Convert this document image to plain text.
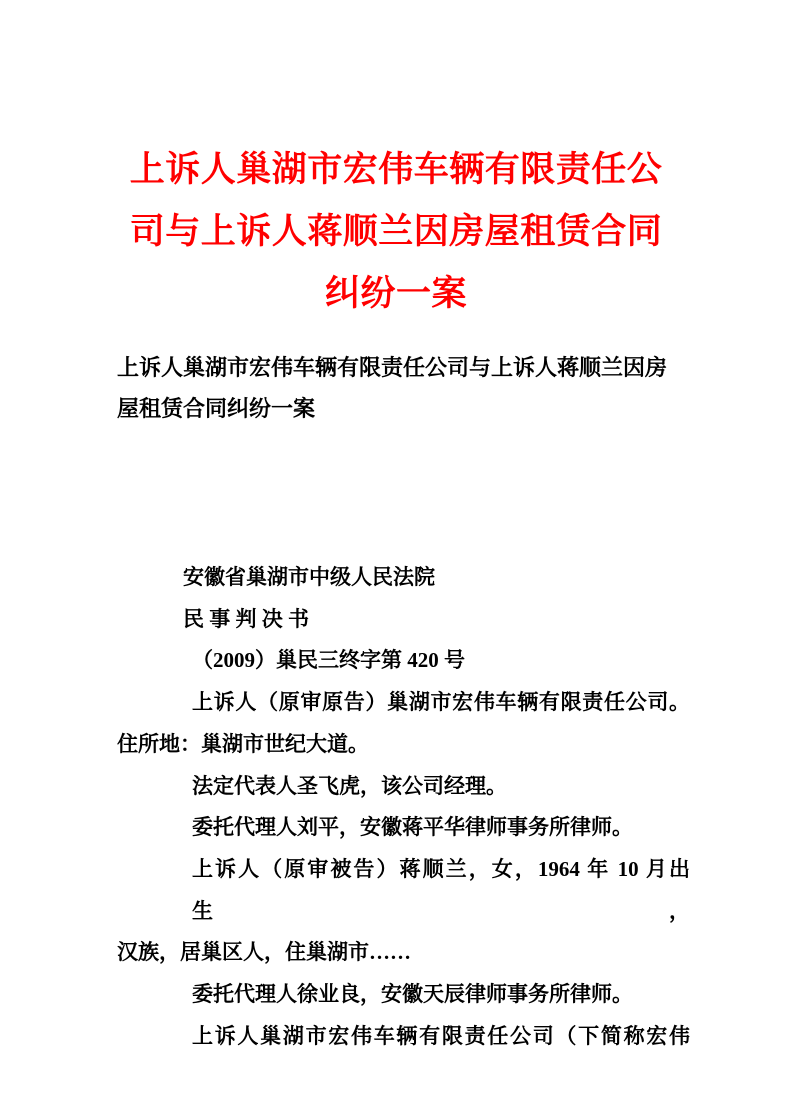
上诉人巢湖市宏伟车辆有限责任公
司与上诉人蒋顺兰因房屋租赁合同
纠纷一案
上诉人巢湖市宏伟车辆有限责任公司与上诉人蒋顺兰因房
屋租赁合同纠纷一案
安徽省巢湖市中级人民法院
民 事 判 决 书
（2009）巢民三终字第 420 号
上诉人（原审原告）巢湖市宏伟车辆有限责任公司。
住所地：巢湖市世纪大道。
法定代表人圣飞虎，该公司经理。
委托代理人刘平，安徽蒋平华律师事务所律师。
上诉人（原审被告）蒋顺兰，女，1964 年 10 月出生，
汉族，居巢区人，住巢湖市……
委托代理人徐业良，安徽天辰律师事务所律师。
上诉人巢湖市宏伟车辆有限责任公司（下简称宏伟
